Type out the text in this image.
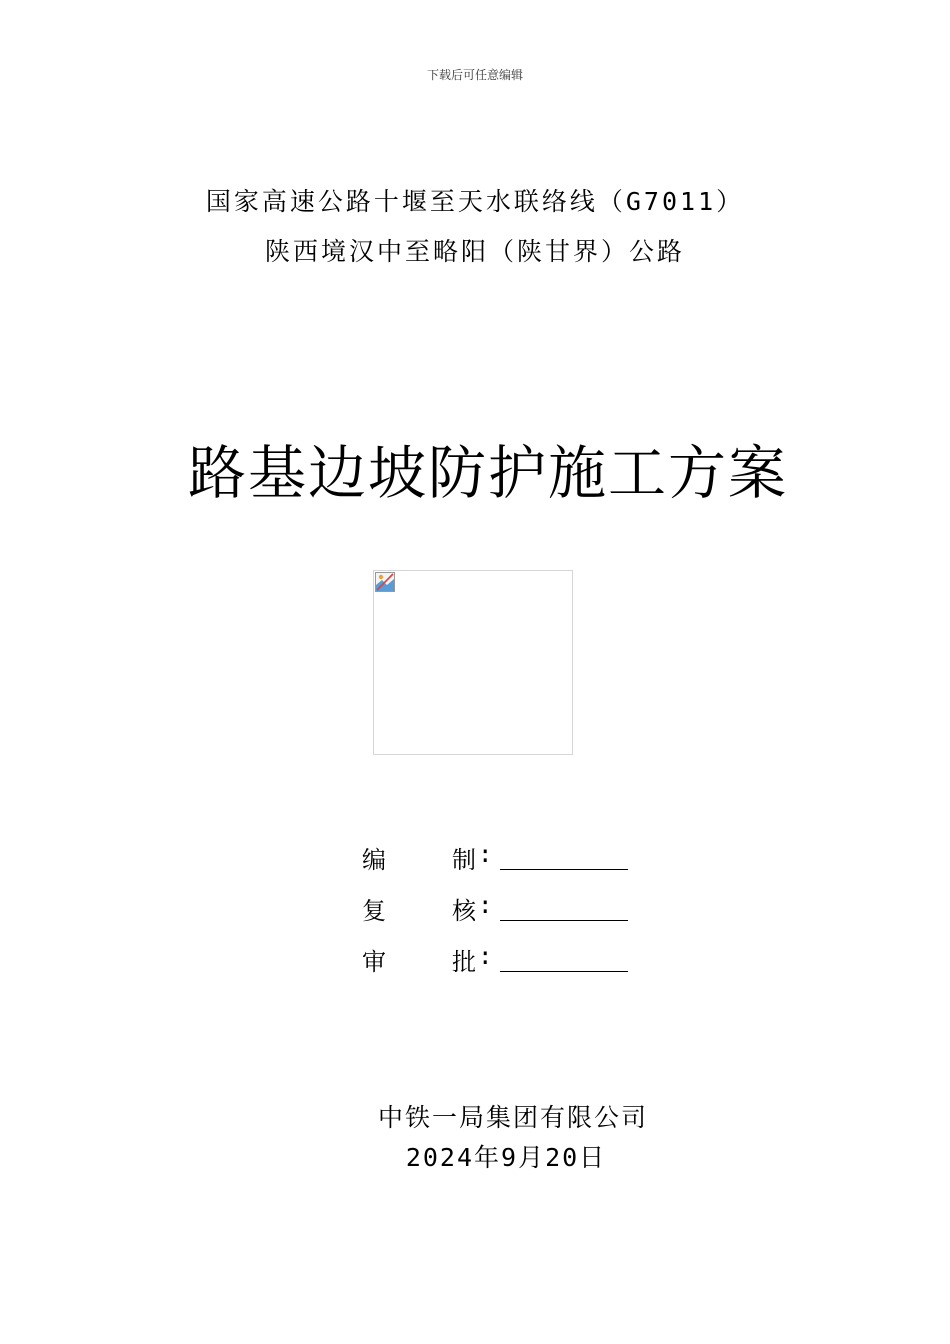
下载后可任意编辑
国家高速公路十堰至天水联络线（G7011）
陕西境汉中至略阳（陕甘界）公路
路基边坡防护施工方案
编	制 :
复	核 :
审	批 :
中铁一局集团有限公司
2024年9月20日
